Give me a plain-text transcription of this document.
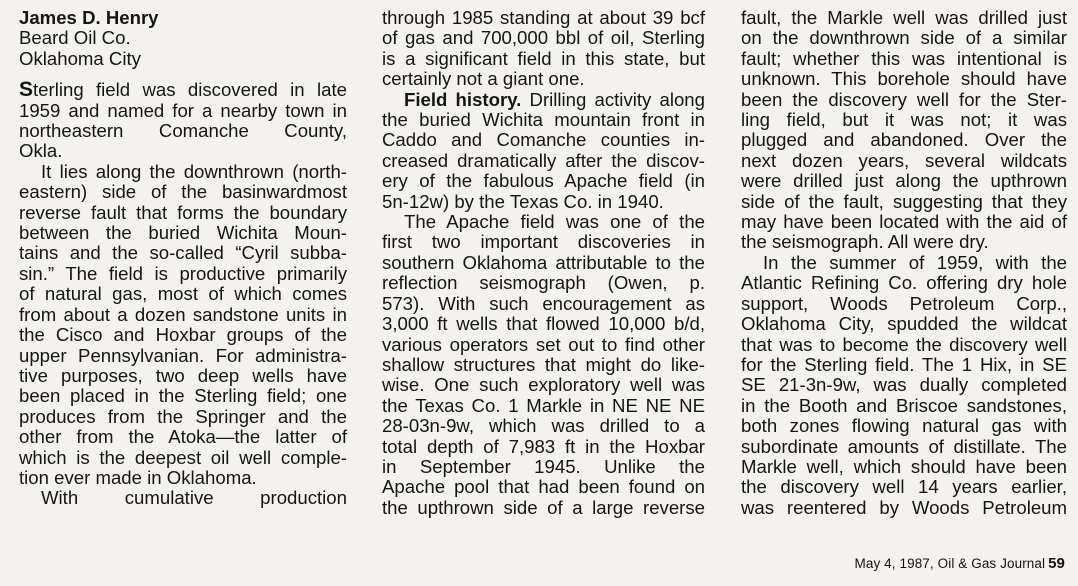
James D. Henry
Beard Oil Co.
Oklahoma City
Sterling field was discovered in late
1959 and named for a nearby town in
northeastern Comanche County,
Okla.
It lies along the downthrown (north-
eastern) side of the basinwardmost
reverse fault that forms the boundary
between the buried Wichita Moun-
tains and the so-called “Cyril subba-
sin.” The field is productive primarily
of natural gas, most of which comes
from about a dozen sandstone units in
the Cisco and Hoxbar groups of the
upper Pennsylvanian. For administra-
tive purposes, two deep wells have
been placed in the Sterling field; one
produces from the Springer and the
other from the Atoka—the latter of
which is the deepest oil well comple-
tion ever made in Oklahoma.
With cumulative production
through 1985 standing at about 39 bcf
of gas and 700,000 bbl of oil, Sterling
is a significant field in this state, but
certainly not a giant one.
Field history. Drilling activity along
the buried Wichita mountain front in
Caddo and Comanche counties in-
creased dramatically after the discov-
ery of the fabulous Apache field (in
5n-12w) by the Texas Co. in 1940.
The Apache field was one of the
first two important discoveries in
southern Oklahoma attributable to the
reflection seismograph (Owen, p.
573). With such encouragement as
3,000 ft wells that flowed 10,000 b/d,
various operators set out to find other
shallow structures that might do like-
wise. One such exploratory well was
the Texas Co. 1 Markle in NE NE NE
28-03n-9w, which was drilled to a
total depth of 7,983 ft in the Hoxbar
in September 1945. Unlike the
Apache pool that had been found on
the upthrown side of a large reverse
fault, the Markle well was drilled just
on the downthrown side of a similar
fault; whether this was intentional is
unknown. This borehole should have
been the discovery well for the Ster-
ling field, but it was not; it was
plugged and abandoned. Over the
next dozen years, several wildcats
were drilled just along the upthrown
side of the fault, suggesting that they
may have been located with the aid of
the seismograph. All were dry.
In the summer of 1959, with the
Atlantic Refining Co. offering dry hole
support, Woods Petroleum Corp.,
Oklahoma City, spudded the wildcat
that was to become the discovery well
for the Sterling field. The 1 Hix, in SE
SE 21-3n-9w, was dually completed
in the Booth and Briscoe sandstones,
both zones flowing natural gas with
subordinate amounts of distillate. The
Markle well, which should have been
the discovery well 14 years earlier,
was reentered by Woods Petroleum
May 4, 1987, Oil & Gas Journal 59
